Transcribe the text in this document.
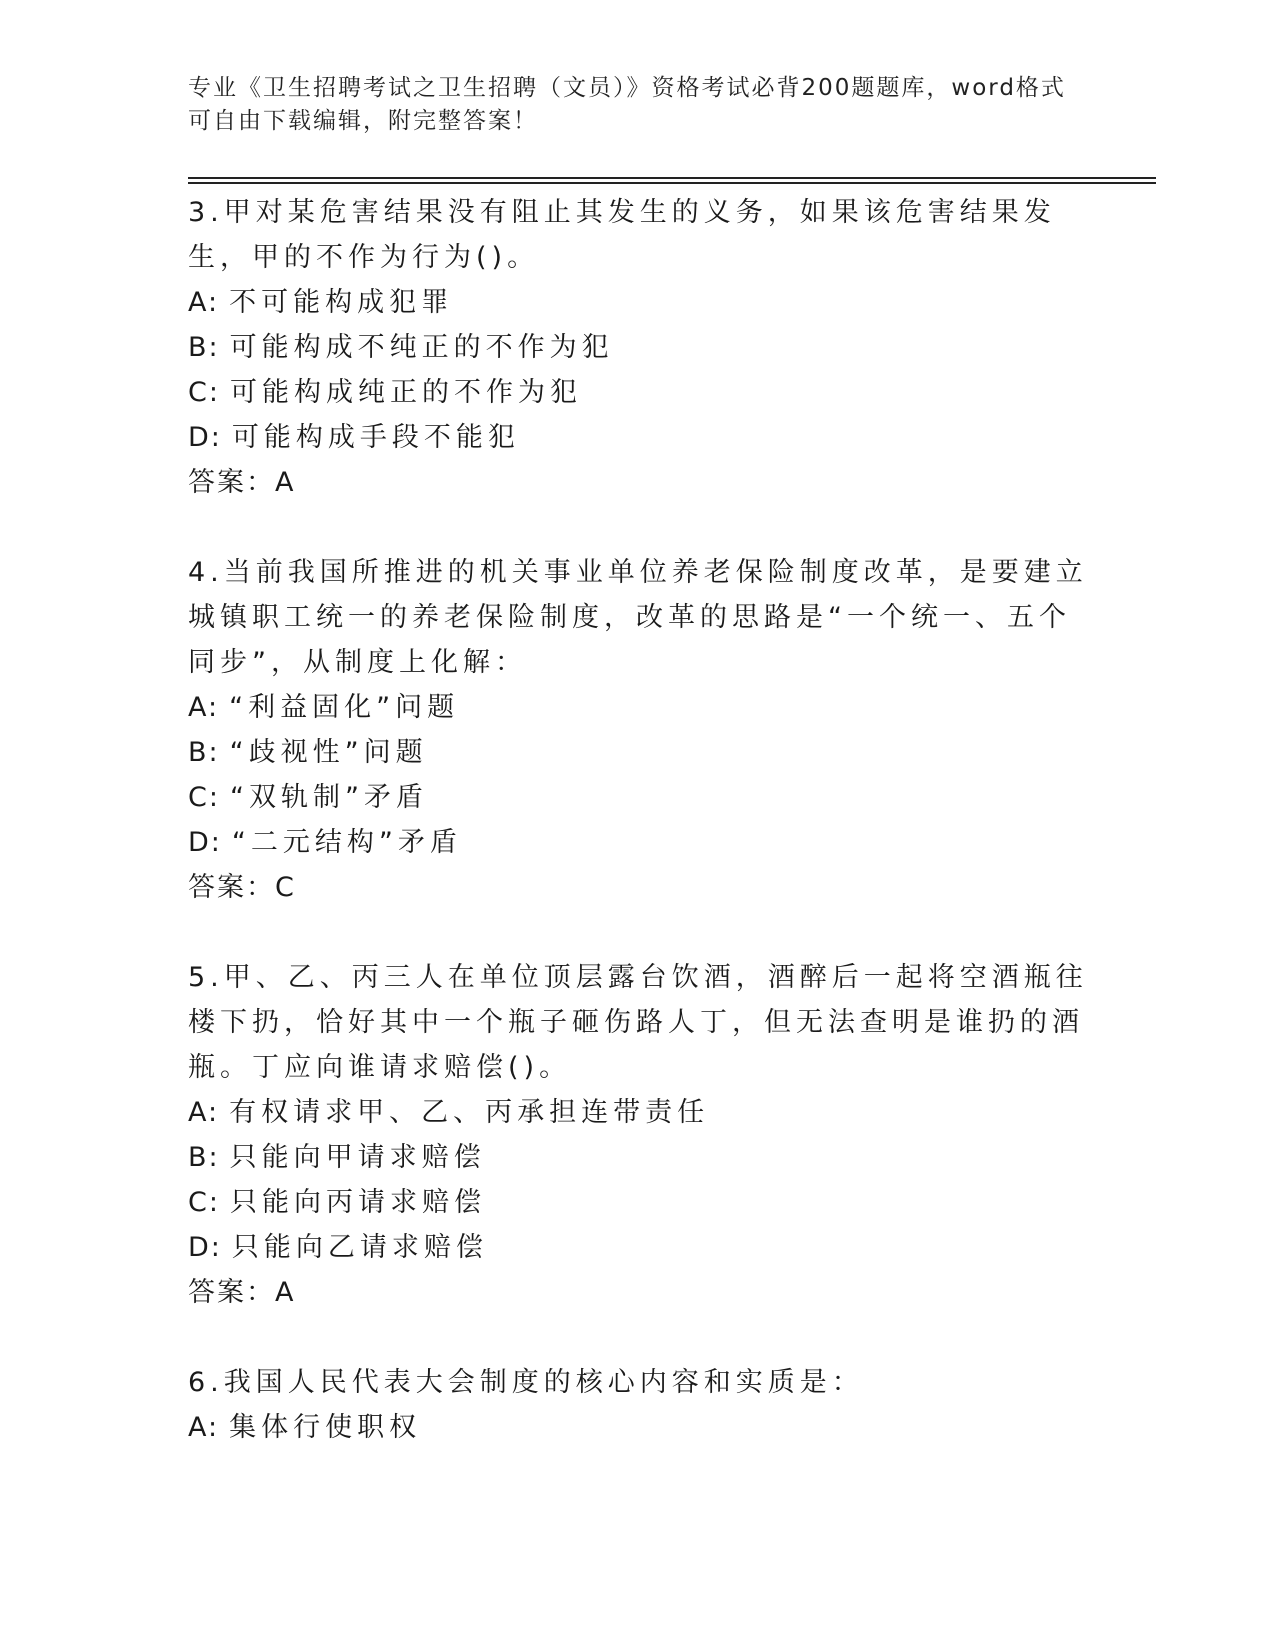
专业《卫生招聘考试之卫生招聘（文员）》资格考试必背200题题库，word格式可自由下载编辑，附完整答案！

3.甲对某危害结果没有阻止其发生的义务，如果该危害结果发生，甲的不作为行为()。

A: 不可能构成犯罪

B: 可能构成不纯正的不作为犯

C: 可能构成纯正的不作为犯

D: 可能构成手段不能犯

答案：A

4.当前我国所推进的机关事业单位养老保险制度改革，是要建立城镇职工统一的养老保险制度，改革的思路是“一个统一、五个同步”，从制度上化解：

A: “利益固化”问题

B: “歧视性”问题

C: “双轨制”矛盾

D: “二元结构”矛盾

答案：C

5.甲、乙、丙三人在单位顶层露台饮酒，酒醉后一起将空酒瓶往楼下扔，恰好其中一个瓶子砸伤路人丁，但无法查明是谁扔的酒瓶。丁应向谁请求赔偿()。

A: 有权请求甲、乙、丙承担连带责任

B: 只能向甲请求赔偿

C: 只能向丙请求赔偿

D: 只能向乙请求赔偿

答案：A

6.我国人民代表大会制度的核心内容和实质是：

A: 集体行使职权
